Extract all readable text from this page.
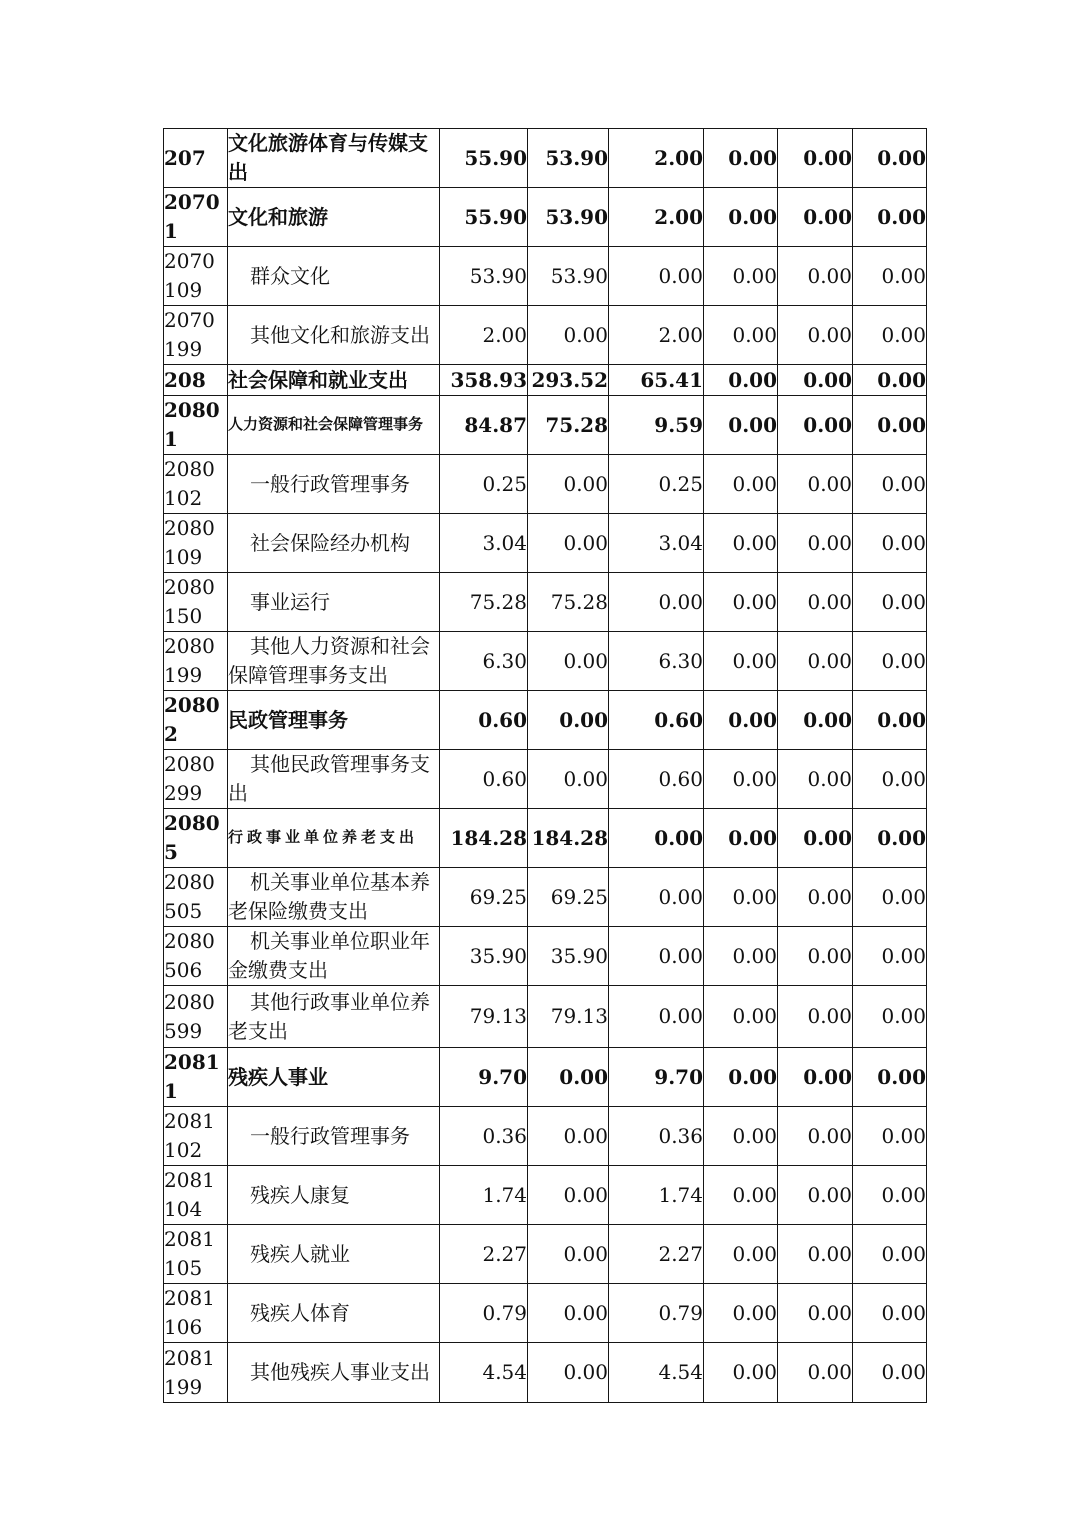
207	文化旅游体育与传媒支出	55.90	53.90	2.00	0.00	0.00	0.00
20701	文化和旅游	55.90	53.90	2.00	0.00	0.00	0.00
2070109	群众文化	53.90	53.90	0.00	0.00	0.00	0.00
2070199	其他文化和旅游支出	2.00	0.00	2.00	0.00	0.00	0.00
208	社会保障和就业支出	358.93	293.52	65.41	0.00	0.00	0.00
20801	人力资源和社会保障管理事务	84.87	75.28	9.59	0.00	0.00	0.00
2080102	一般行政管理事务	0.25	0.00	0.25	0.00	0.00	0.00
2080109	社会保险经办机构	3.04	0.00	3.04	0.00	0.00	0.00
2080150	事业运行	75.28	75.28	0.00	0.00	0.00	0.00
2080199	其他人力资源和社会保障管理事务支出	6.30	0.00	6.30	0.00	0.00	0.00
20802	民政管理事务	0.60	0.00	0.60	0.00	0.00	0.00
2080299	其他民政管理事务支出	0.60	0.00	0.60	0.00	0.00	0.00
20805	行政事业单位养老支出	184.28	184.28	0.00	0.00	0.00	0.00
2080505	机关事业单位基本养老保险缴费支出	69.25	69.25	0.00	0.00	0.00	0.00
2080506	机关事业单位职业年金缴费支出	35.90	35.90	0.00	0.00	0.00	0.00
2080599	其他行政事业单位养老支出	79.13	79.13	0.00	0.00	0.00	0.00
20811	残疾人事业	9.70	0.00	9.70	0.00	0.00	0.00
2081102	一般行政管理事务	0.36	0.00	0.36	0.00	0.00	0.00
2081104	残疾人康复	1.74	0.00	1.74	0.00	0.00	0.00
2081105	残疾人就业	2.27	0.00	2.27	0.00	0.00	0.00
2081106	残疾人体育	0.79	0.00	0.79	0.00	0.00	0.00
2081199	其他残疾人事业支出	4.54	0.00	4.54	0.00	0.00	0.00
